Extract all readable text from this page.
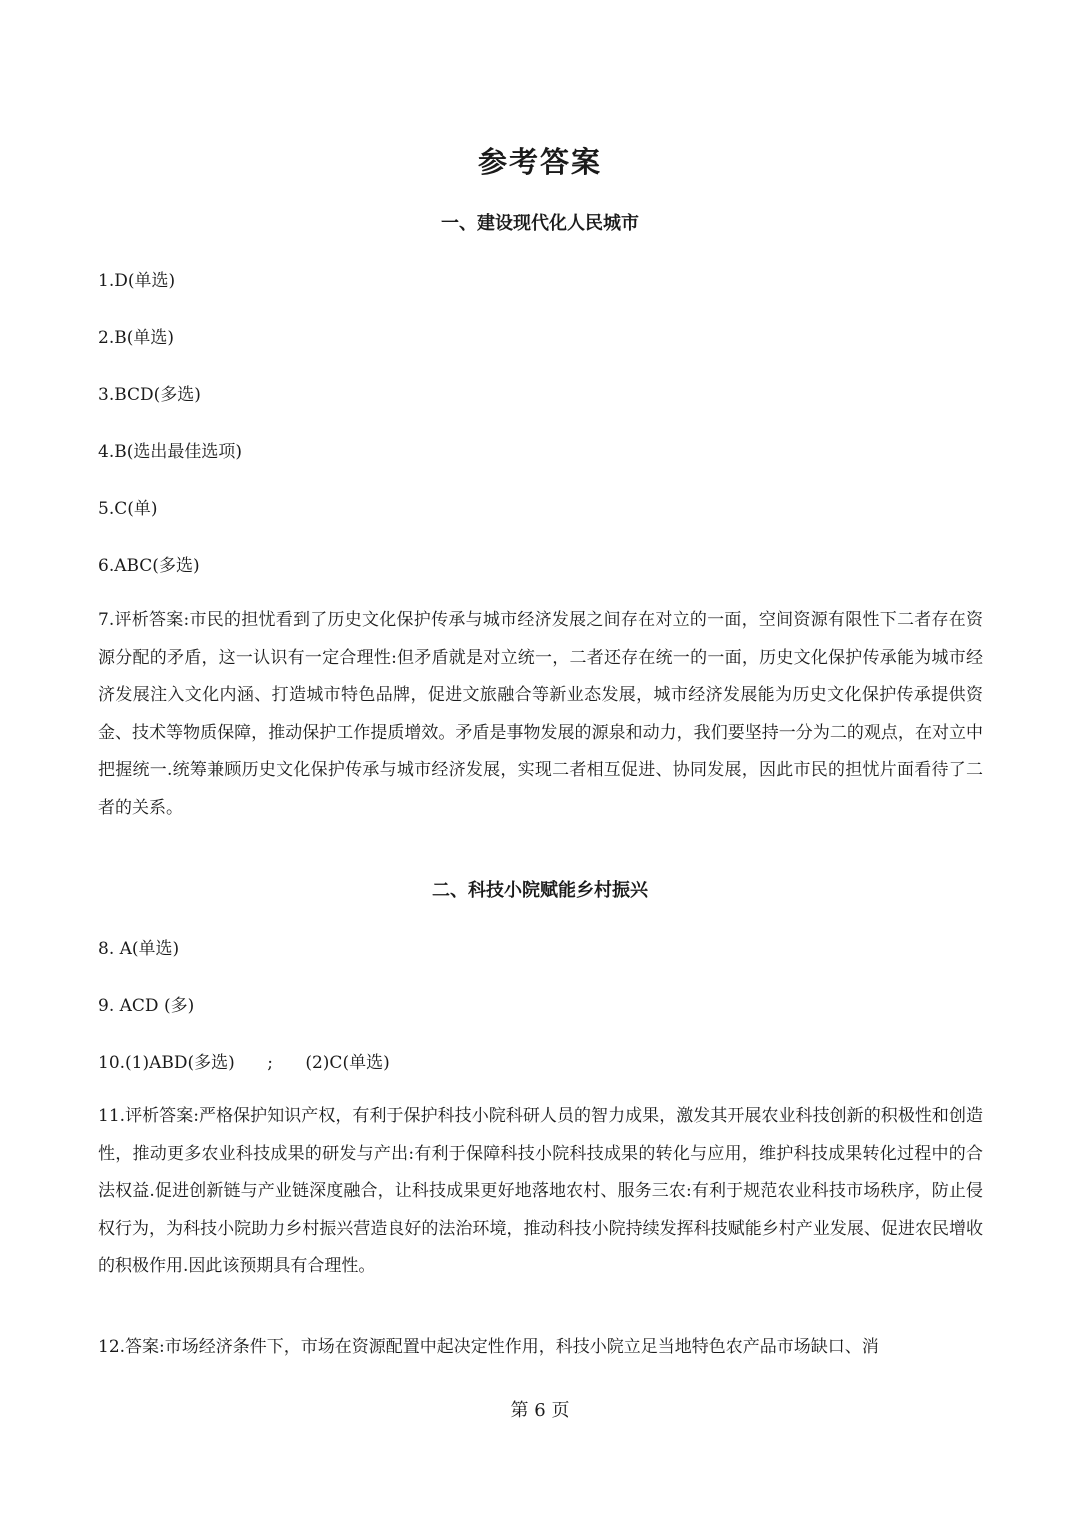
参考答案
一、建设现代化人民城市
1.D(单选)
2.B(单选)
3.BCD(多选)
4.B(选出最佳选项)
5.C(单)
6.ABC(多选)

7.评析答案:市民的担忧看到了历史文化保护传承与城市经济发展之间存在对立的一面，空间资源有限性下二者存在资源分配的矛盾，这一认识有一定合理性:但矛盾就是对立统一，二者还存在统一的一面，历史文化保护传承能为城市经济发展注入文化内涵、打造城市特色品牌，促进文旅融合等新业态发展，城市经济发展能为历史文化保护传承提供资金、技术等物质保障，推动保护工作提质增效。矛盾是事物发展的源泉和动力，我们要坚持一分为二的观点，在对立中把握统一.统筹兼顾历史文化保护传承与城市经济发展，实现二者相互促进、协同发展，因此市民的担忧片面看待了二者的关系。

二、科技小院赋能乡村振兴
8. A(单选)
9. ACD (多)
10.(1)ABD(多选)      ;      (2)C(单选)

11.评析答案:严格保护知识产权，有利于保护科技小院科研人员的智力成果，激发其开展农业科技创新的积极性和创造性，推动更多农业科技成果的研发与产出:有利于保障科技小院科技成果的转化与应用，维护科技成果转化过程中的合法权益.促进创新链与产业链深度融合，让科技成果更好地落地农村、服务三农:有利于规范农业科技市场秩序，防止侵权行为，为科技小院助力乡村振兴营造良好的法治环境，推动科技小院持续发挥科技赋能乡村产业发展、促进农民增收的积极作用.因此该预期具有合理性。

12.答案:市场经济条件下，市场在资源配置中起决定性作用，科技小院立足当地特色农产品市场缺口、消

第 6 页
